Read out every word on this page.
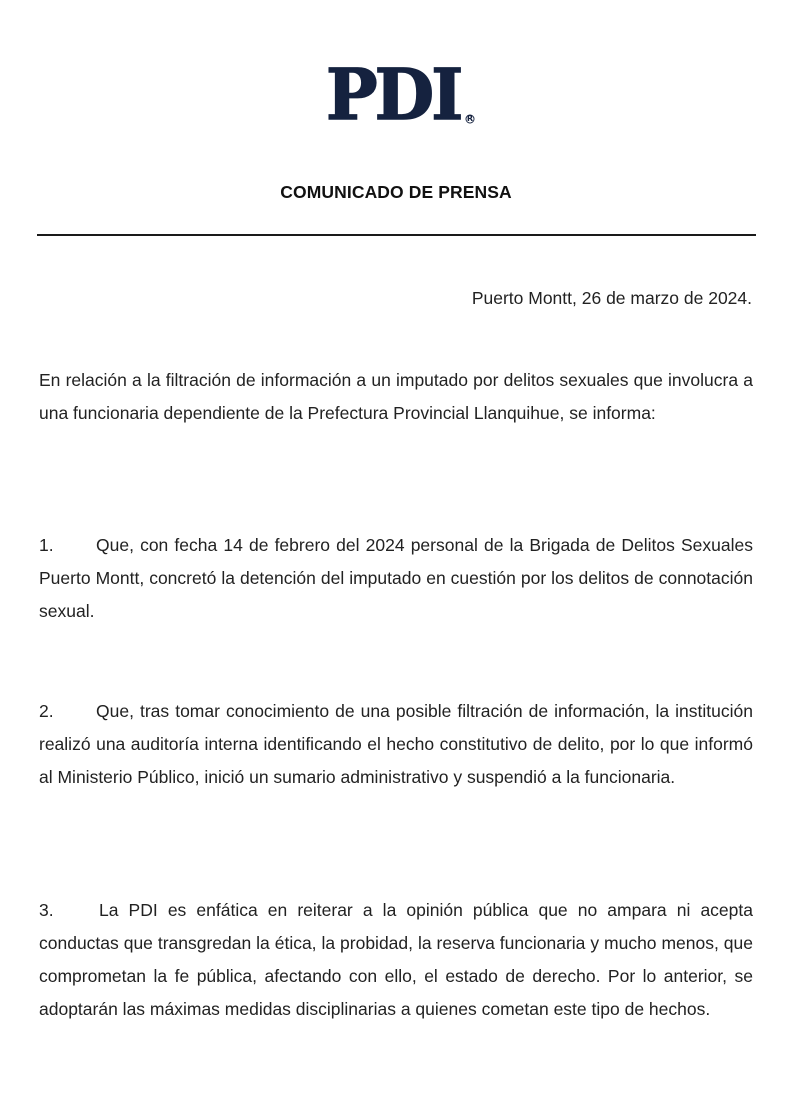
PDI R
COMUNICADO DE PRENSA
Puerto Montt, 26 de marzo de 2024.
En relación a la filtración de información a un imputado por delitos sexuales que involucra a una funcionaria dependiente de la Prefectura Provincial Llanquihue, se informa:
1. Que, con fecha 14 de febrero del 2024 personal de la Brigada de Delitos Sexuales Puerto Montt, concretó la detención del imputado en cuestión por los delitos de connotación sexual.
2. Que, tras tomar conocimiento de una posible filtración de información, la institución realizó una auditoría interna identificando el hecho constitutivo de delito, por lo que informó al Ministerio Público, inició un sumario administrativo y suspendió a la funcionaria.
3.	La PDI es enfática en reiterar a la opinión pública que no ampara ni acepta conductas que transgredan la ética, la probidad, la reserva funcionaria y mucho menos, que comprometan la fe pública, afectando con ello, el estado de derecho. Por lo anterior, se adoptarán las máximas medidas disciplinarias a quienes cometan este tipo de hechos.
